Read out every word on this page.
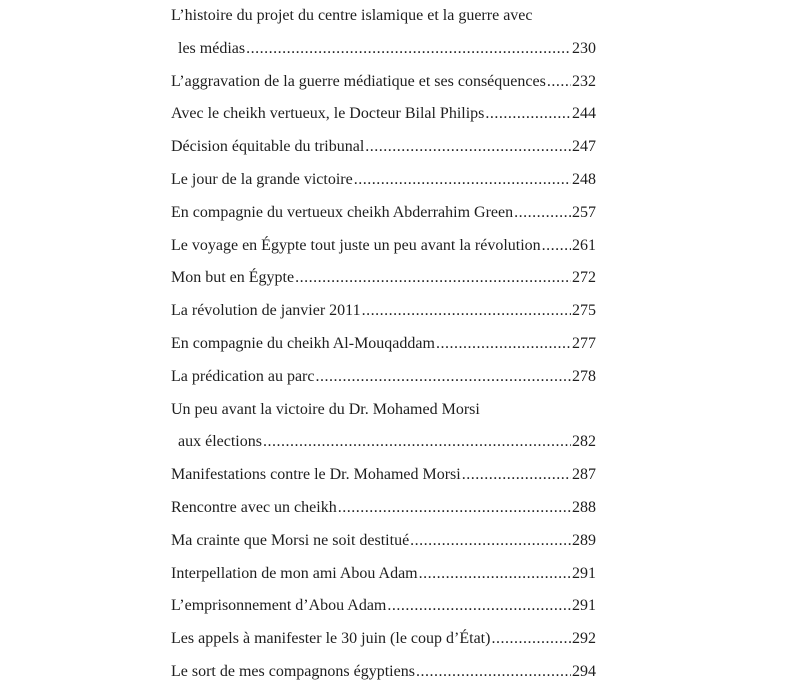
L’histoire du projet du centre islamique et la guerre avec
les médias .....	230
L’aggravation de la guerre médiatique et ses conséquences ..... 232
Avec le cheikh vertueux, le Docteur Bilal Philips .....	244
Décision équitable du tribunal .....	247
Le jour de la grande victoire .....	248
En compagnie du vertueux cheikh Abderrahim Green .....	257
Le voyage en Égypte tout juste un peu avant la révolution ..... 261
Mon but en Égypte .....	272
La révolution de janvier 2011 .....	275
En compagnie du cheikh Al-Mouqaddam .....	277
La prédication au parc .....	278
Un peu avant la victoire du Dr. Mohamed Morsi
aux élections .....	282
Manifestations contre le Dr. Mohamed Morsi .....	287
Rencontre avec un cheikh .....	288
Ma crainte que Morsi ne soit destitué .....	289
Interpellation de mon ami Abou Adam .....	291
L’emprisonnement d’Abou Adam .....	291
Les appels à manifester le 30 juin (le coup d’État) .....	292
Le sort de mes compagnons égyptiens .....	294
